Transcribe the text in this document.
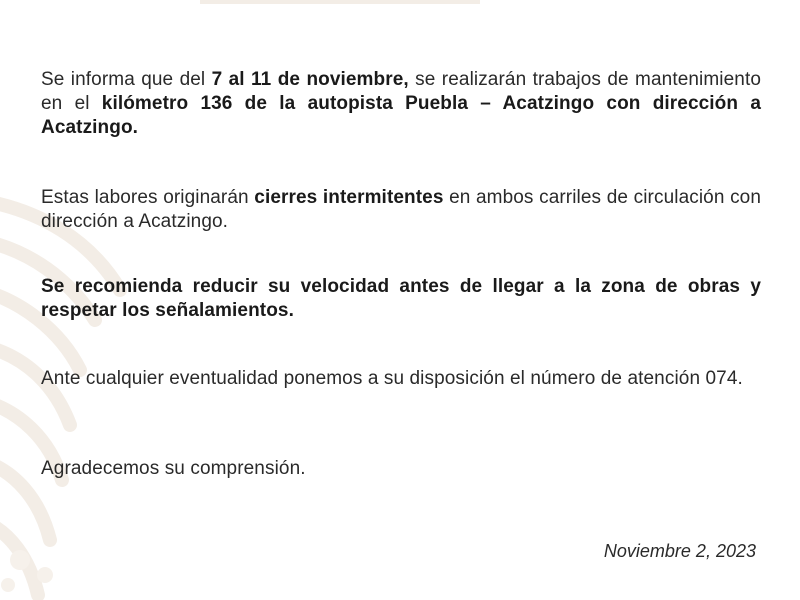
Se informa que del 7 al 11 de noviembre, se realizarán trabajos de mantenimiento en el kilómetro 136 de la autopista Puebla – Acatzingo con dirección a Acatzingo.

Estas labores originarán cierres intermitentes en ambos carriles de circulación con dirección a Acatzingo.

Se recomienda reducir su velocidad antes de llegar a la zona de obras y respetar los señalamientos.

Ante cualquier eventualidad ponemos a su disposición el número de atención 074.

Agradecemos su comprensión.

Noviembre 2, 2023
